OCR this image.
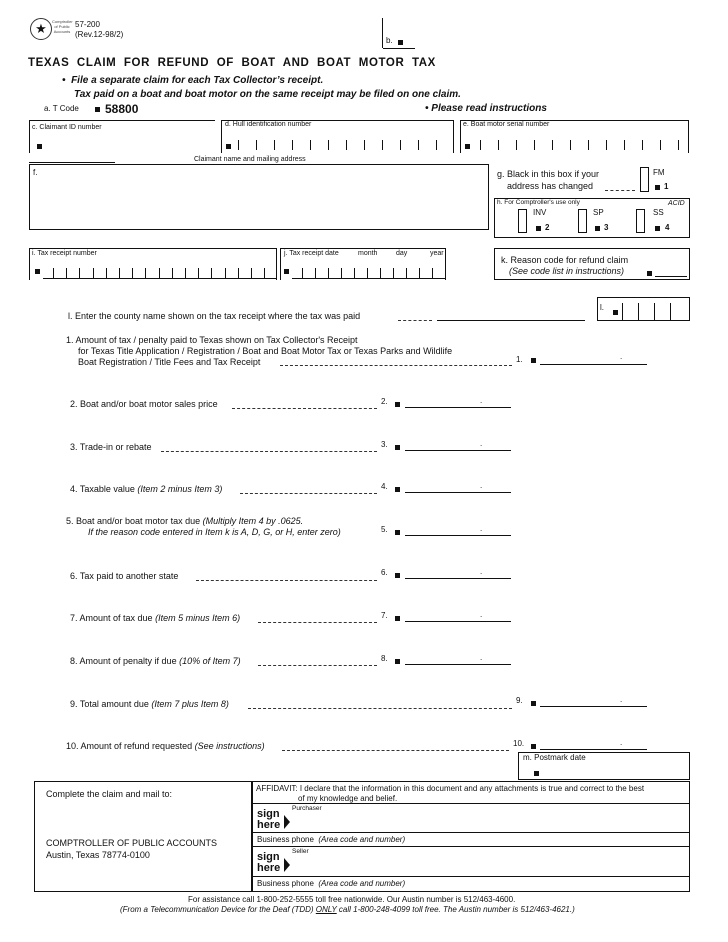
★	Comptroller of Public Accounts
57-200
(Rev.12-98/2)
b.
TEXAS  CLAIM  FOR  REFUND  OF  BOAT  AND  BOAT  MOTOR  TAX
• File a separate claim for each Tax Collector’s receipt.
Tax paid on a boat and boat motor on the same receipt may be filed on one claim.
a. T Code 58800	• Please read instructions
c. Claimant ID number	d. Hull identification number	e. Boat motor serial number
Claimant name and mailing address
f.	g. Black in this box if your
address has changed
FM
1
h. For Comptroller's use only	ACID
INV
2
SP
3
SS
4
i. Tax receipt number	j. Tax receipt date	month	day	year
k. Reason code for refund claim
(See code list in instructions)
l. Enter the county name shown on the tax receipt where the tax was paid
l.
1. Amount of tax / penalty paid to Texas shown on Tax Collector's Receipt
for Texas Title Application / Registration / Boat and Boat Motor Tax or Texas Parks and Wildlife
Boat Registration / Title Fees and Tax Receipt	1.	.
2. Boat and/or boat motor sales price	2.	.
3. Trade-in or rebate	3.	.
4. Taxable value (Item 2 minus Item 3)	4.	.
5. Boat and/or boat motor tax due (Multiply Item 4 by .0625.
If the reason code entered in Item k is A, D, G, or H, enter zero)	5.	.
6. Tax paid to another state	6.	.
7. Amount of tax due (Item 5 minus Item 6)	7.	.
8. Amount of penalty if due (10% of Item 7)	8.	.
9. Total amount due (Item 7 plus Item 8)	9.	.
10. Amount of refund requested (See instructions)	10.	.
m. Postmark date
Complete the claim and mail to:
COMPTROLLER OF PUBLIC ACCOUNTS
Austin, Texas 78774-0100
AFFIDAVIT: I declare that the information in this document and any attachments is true and correct to the best
of my knowledge and belief.
Purchaser
sign
here
Business phone (Area code and number)
Seller
sign
here
Business phone (Area code and number)
For assistance call 1-800-252-5555 toll free nationwide. Our Austin number is 512/463-4600.
(From a Telecommunication Device for the Deaf (TDD) ONLY call 1-800-248-4099 toll free. The Austin number is 512/463-4621.)
